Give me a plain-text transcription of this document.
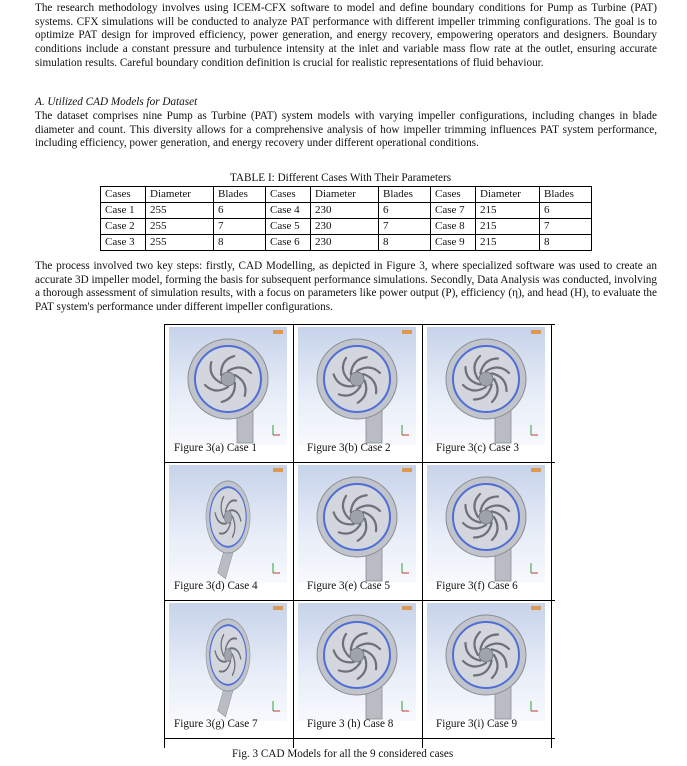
The research methodology involves using ICEM-CFX software to model and define boundary conditions for Pump as Turbine (PAT) systems. CFX simulations will be conducted to analyze PAT performance with different impeller trimming configurations. The goal is to optimize PAT design for improved efficiency, power generation, and energy recovery, empowering operators and designers. Boundary conditions include a constant pressure and turbulence intensity at the inlet and variable mass flow rate at the outlet, ensuring accurate simulation results. Careful boundary condition definition is crucial for realistic representations of fluid behaviour.

A. Utilized CAD Models for Dataset

The dataset comprises nine Pump as Turbine (PAT) system models with varying impeller configurations, including changes in blade diameter and count. This diversity allows for a comprehensive analysis of how impeller trimming influences PAT system performance, including efficiency, power generation, and energy recovery under different operational conditions.

TABLE I: Different Cases With Their Parameters

Cases	Diameter	Blades	Cases	Diameter	Blades	Cases	Diameter	Blades
Case 1	255	6	Case 4	230	6	Case 7	215	6
Case 2	255	7	Case 5	230	7	Case 8	215	7
Case 3	255	8	Case 6	230	8	Case 9	215	8

The process involved two key steps: firstly, CAD Modelling, as depicted in Figure 3, where specialized software was used to create an accurate 3D impeller model, forming the basis for subsequent performance simulations. Secondly, Data Analysis was conducted, involving a thorough assessment of simulation results, with a focus on parameters like power output (P), efficiency (η), and head (H), to evaluate the PAT system's performance under different impeller configurations.

Figure 3(a) Case 1	Figure 3(b) Case 2	Figure 3(c) Case 3
Figure 3(d) Case 4	Figure 3(e) Case 5	Figure 3(f) Case 6
Figure 3(g) Case 7	Figure 3 (h) Case 8	Figure 3(i) Case 9

Fig. 3 CAD Models for all the 9 considered cases
